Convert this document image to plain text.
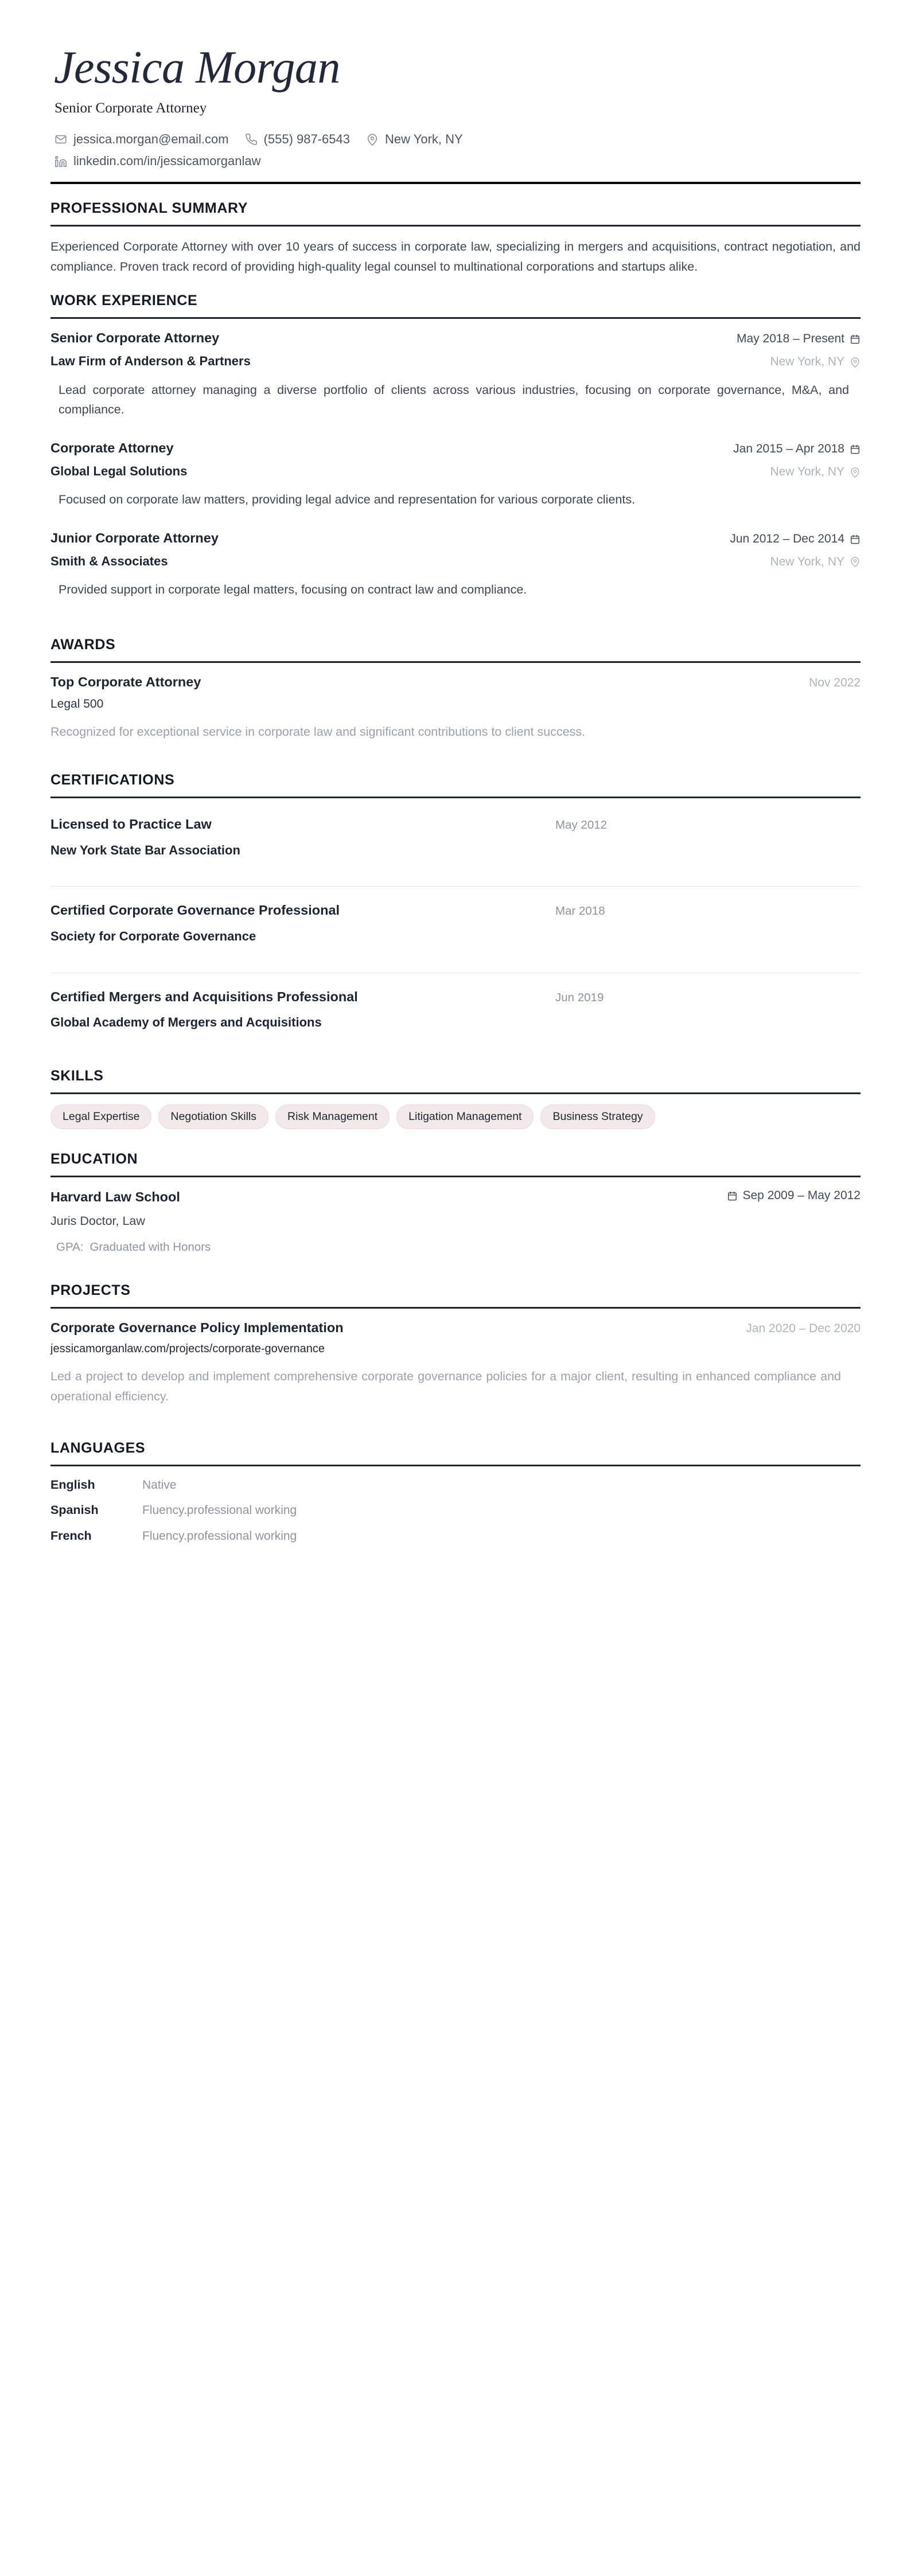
Jessica Morgan
Senior Corporate Attorney
jessica.morgan@email.com	(555) 987-6543	New York, NY
linkedin.com/in/jessicamorganlaw
PROFESSIONAL SUMMARY

Experienced Corporate Attorney with over 10 years of success in corporate law, specializing in mergers and acquisitions, contract negotiation, and compliance. Proven track record of providing high-quality legal counsel to multinational corporations and startups alike.

WORK EXPERIENCE
Senior Corporate Attorney	May 2018 – Present
Law Firm of Anderson & Partners	New York, NY

Lead corporate attorney managing a diverse portfolio of clients across various industries, focusing on corporate governance, M&A, and compliance.

Corporate Attorney	Jan 2015 – Apr 2018
Global Legal Solutions	New York, NY

Focused on corporate law matters, providing legal advice and representation for various corporate clients.

Junior Corporate Attorney	Jun 2012 – Dec 2014
Smith & Associates	New York, NY

Provided support in corporate legal matters, focusing on contract law and compliance.

AWARDS
Top Corporate Attorney	Nov 2022
Legal 500

Recognized for exceptional service in corporate law and significant contributions to client success.

CERTIFICATIONS
Licensed to Practice Law
New York State Bar Association
May 2012
Certified Corporate Governance Professional
Society for Corporate Governance
Mar 2018
Certified Mergers and Acquisitions Professional
Global Academy of Mergers and Acquisitions
Jun 2019
SKILLS
Legal Expertise	Negotiation Skills	Risk Management	Litigation Management	Business Strategy
EDUCATION
Harvard Law School	Sep 2009 – May 2012
Juris Doctor, Law
GPA: Graduated with Honors
PROJECTS
Corporate Governance Policy Implementation	Jan 2020 – Dec 2020
jessicamorganlaw.com/projects/corporate-governance

Led a project to develop and implement comprehensive corporate governance policies for a major client, resulting in enhanced compliance and operational efficiency.

LANGUAGES
English	Native
Spanish	Fluency.professional working
French	Fluency.professional working
